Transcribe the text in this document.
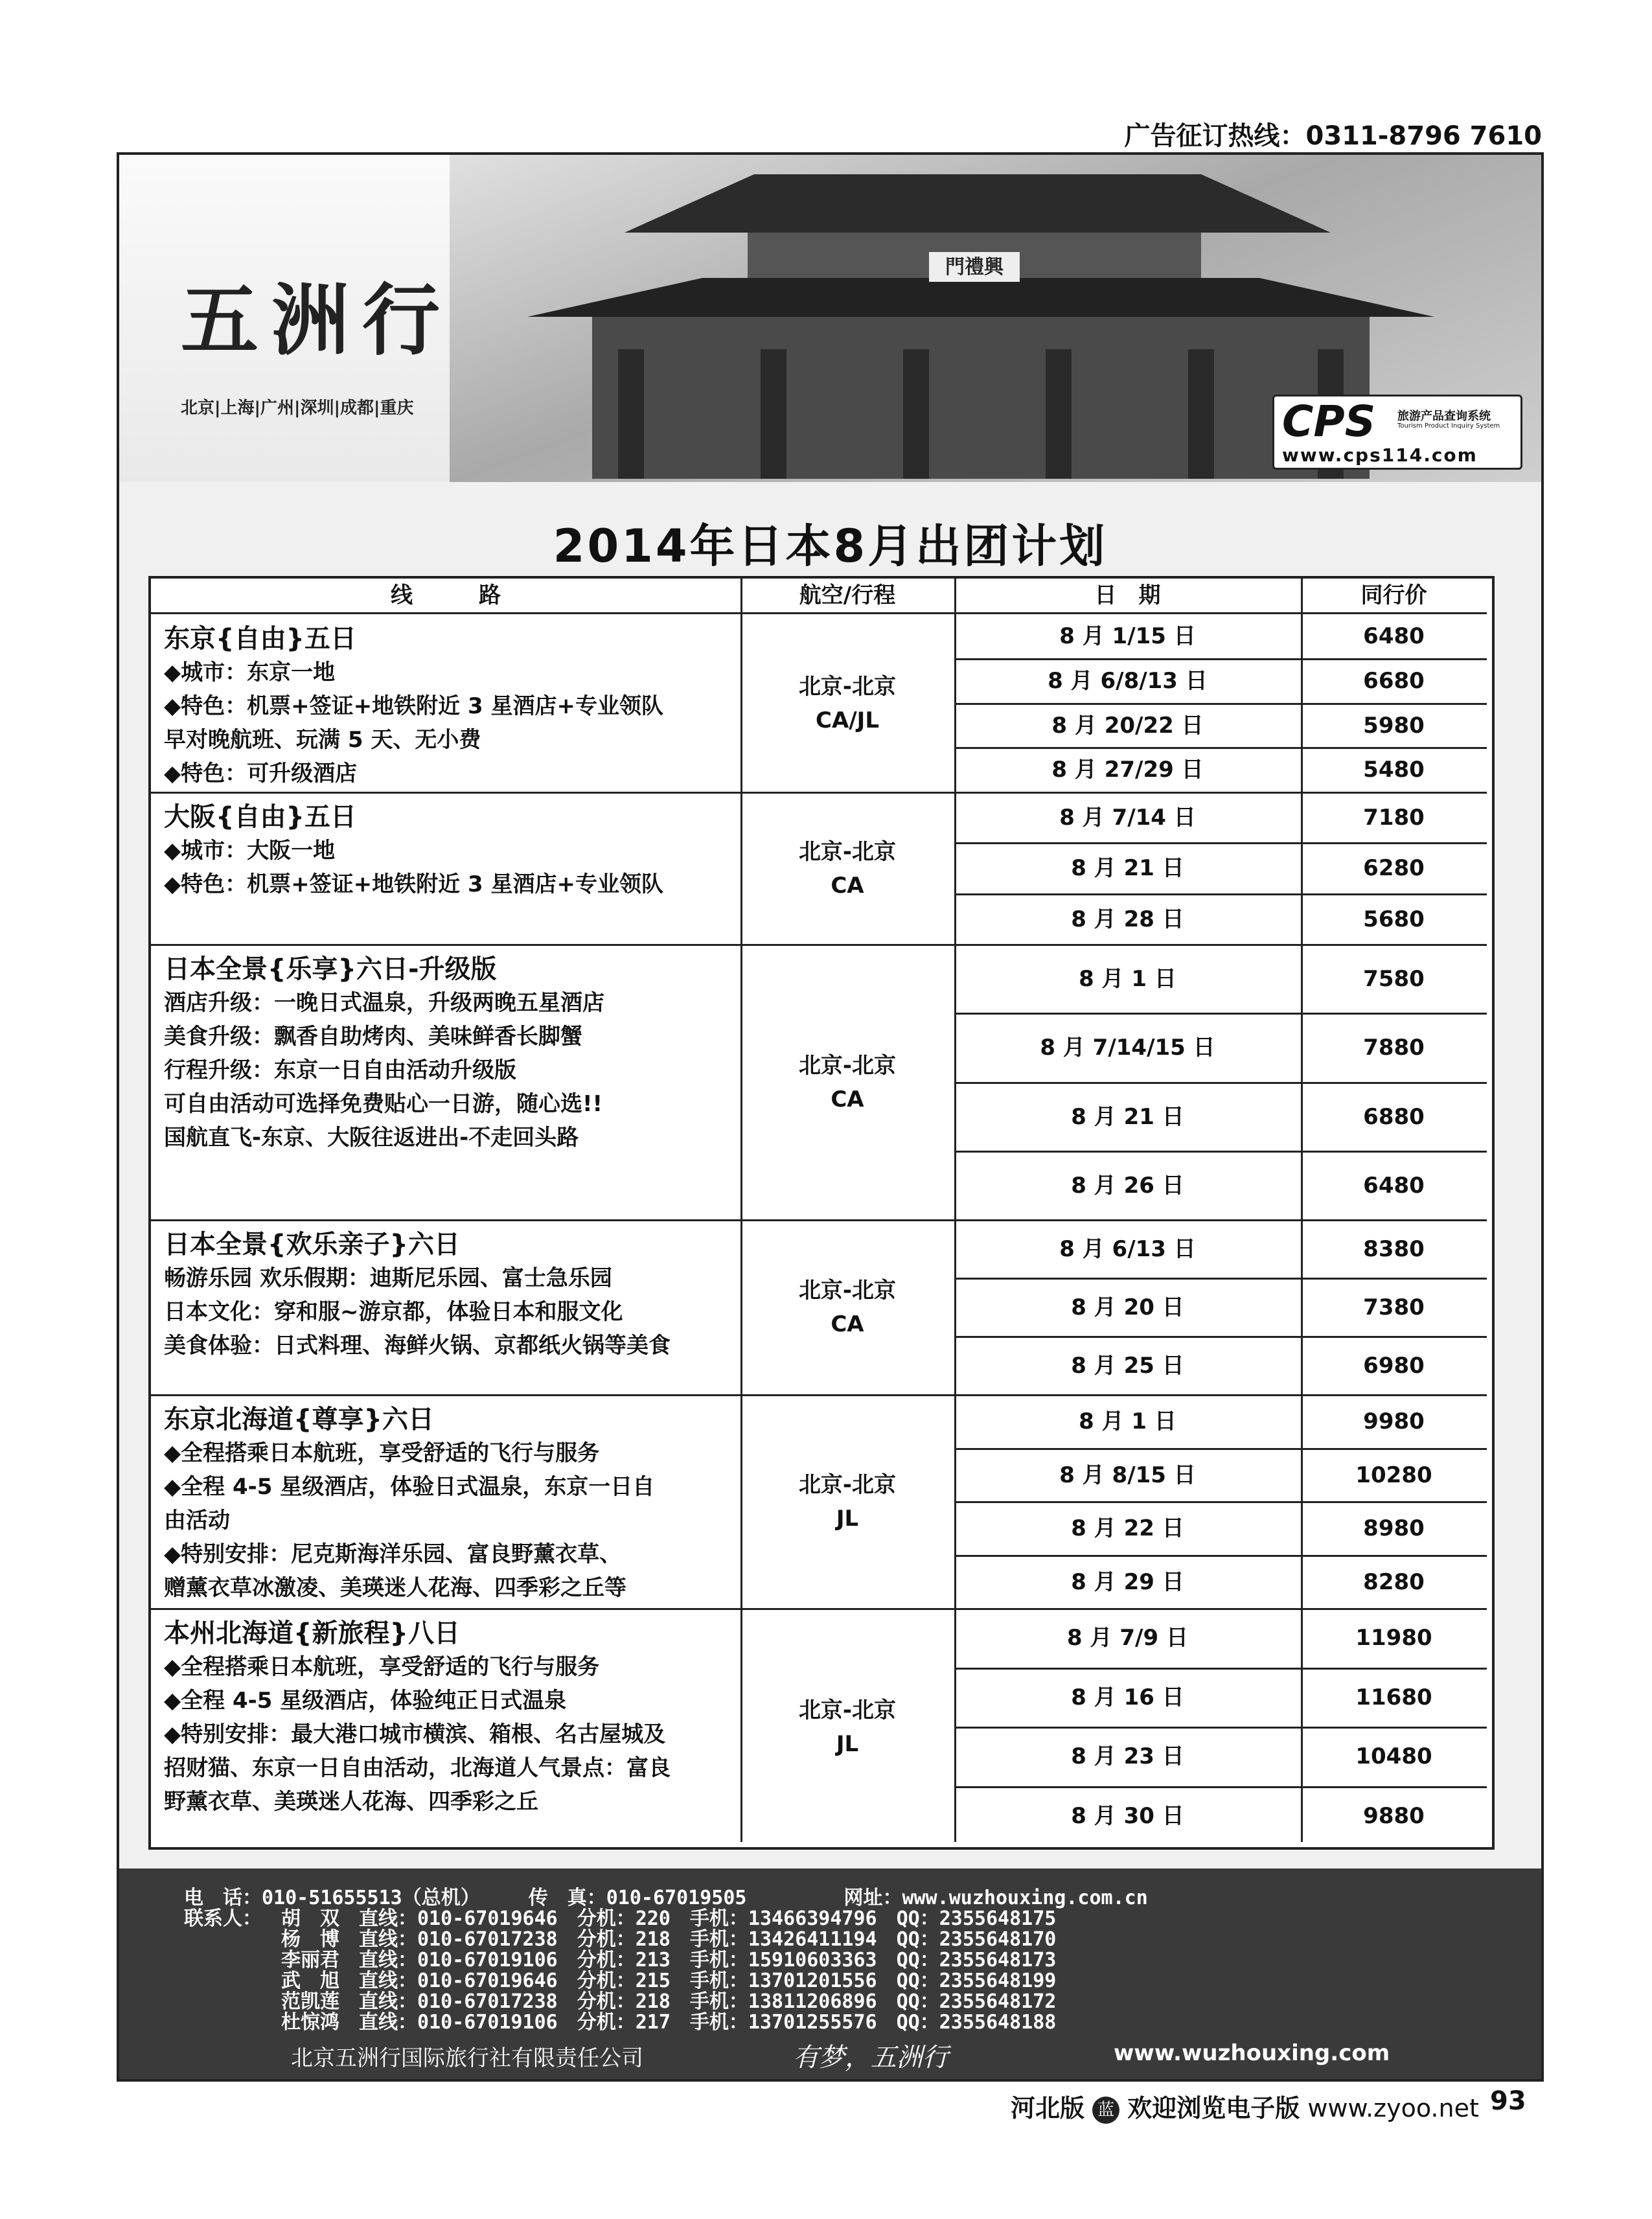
广告征订热线：0311-8796 7610
門禮興
五洲行
北京|上海|广州|深圳|成都|重庆	CPS 旅游产品查询系统
Tourism Product Inquiry System
www.cps114.com
2014年日本8月出团计划
线　　　路	航空/行程	日　期	同行价
东京{自由}五日
◆城市：东京一地
◆特色：机票+签证+地铁附近 3 星酒店+专业领队
早对晚航班、玩满 5 天、无小费
◆特色：可升级酒店
北京-北京
CA/JL
8 月 1/15 日	6480
8 月 6/8/13 日	6680
8 月 20/22 日	5980
8 月 27/29 日	5480
大阪{自由}五日
◆城市：大阪一地
◆特色：机票+签证+地铁附近 3 星酒店+专业领队
北京-北京
CA
8 月 7/14 日	7180
8 月 21 日	6280
8 月 28 日	5680
日本全景{乐享}六日-升级版
酒店升级：一晚日式温泉，升级两晚五星酒店
美食升级：飘香自助烤肉、美味鲜香长脚蟹
行程升级：东京一日自由活动升级版
可自由活动可选择免费贴心一日游，随心选!!
国航直飞-东京、大阪往返进出-不走回头路
北京-北京
CA
8 月 1 日	7580
8 月 7/14/15 日	7880
8 月 21 日	6880
8 月 26 日	6480
日本全景{欢乐亲子}六日
畅游乐园 欢乐假期：迪斯尼乐园、富士急乐园
日本文化：穿和服~游京都，体验日本和服文化
美食体验：日式料理、海鲜火锅、京都纸火锅等美食
北京-北京
CA
8 月 6/13 日	8380
8 月 20 日	7380
8 月 25 日	6980
东京北海道{尊享}六日
◆全程搭乘日本航班，享受舒适的飞行与服务
◆全程 4-5 星级酒店，体验日式温泉，东京一日自
由活动
◆特别安排：尼克斯海洋乐园、富良野薰衣草、
赠薰衣草冰激凌、美瑛迷人花海、四季彩之丘等
北京-北京
JL
8 月 1 日	9980
8 月 8/15 日	10280
8 月 22 日	8980
8 月 29 日	8280
本州北海道{新旅程}八日
◆全程搭乘日本航班，享受舒适的飞行与服务
◆全程 4-5 星级酒店，体验纯正日式温泉
◆特别安排：最大港口城市横滨、箱根、名古屋城及
招财猫、东京一日自由活动，北海道人气景点：富良
野薰衣草、美瑛迷人花海、四季彩之丘
北京-北京
JL
8 月 7/9 日	11980
8 月 16 日	11680
8 月 23 日	10480
8 月 30 日	9880
电　话：010-51655513（总机）　　　传　真：010-67019505　　　　　网址：www.wuzhouxing.com.cn
联系人： 胡　双　直线：010-67019646　分机：220　手机：13466394796　QQ：2355648175
杨　博　直线：010-67017238　分机：218　手机：13426411194　QQ：2355648170
李丽君　直线：010-67019106　分机：213　手机：15910603363　QQ：2355648173
武　旭　直线：010-67019646　分机：215　手机：13701201556　QQ：2355648199
范凯莲　直线：010-67017238　分机：218　手机：13811206896　QQ：2355648172
杜惊鸿　直线：010-67019106　分机：217　手机：13701255576　QQ：2355648188
北京五洲行国际旅行社有限责任公司	有梦，五洲行	www.wuzhouxing.com
河北版 蓝 欢迎浏览电子版 www.zyoo.net 93
